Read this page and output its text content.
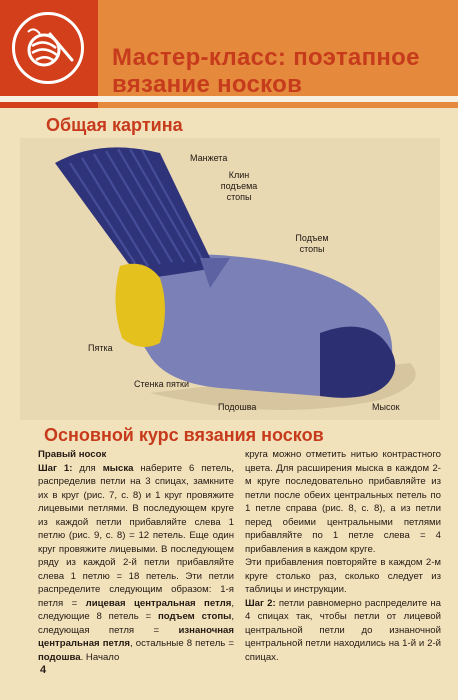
Мастер-класс: поэтапное вязание носков
Общая картина
Манжета
Клин подъема стопы
Подъем стопы
Пятка
Стенка пятки
Подошва	Мысок
Основной курс вязания носков

Правый носок

Шаг 1: для мыска наберите 6 петель, распределив петли на 3 спицах, замкните их в круг (рис. 7, с. 8) и 1 круг провяжите лицевыми петлями. В последующем круге из каждой петли прибавляйте слева 1 петлю (рис. 9, с. 8) = 12 петель. Еще один круг провяжите лицевыми. В последующем ряду из каждой 2-й петли прибавляйте слева 1 петлю = 18 петель. Эти петли распределите следующим образом: 1-я петля = лицевая центральная петля, следующие 8 петель = подъем стопы, следующая петля = изнаночная центральная петля, остальные 8 петель = подошва. Начало

круга можно отметить нитью контрастного цвета. Для расширения мыска в каждом 2-м круге последовательно прибавляйте из петли после обеих центральных петель по 1 петле справа (рис. 8, с. 8), а из петли перед обеими центральными петлями прибавляйте по 1 петле слева = 4 прибавления в каждом круге.

Эти прибавления повторяйте в каждом 2-м круге столько раз, сколько следует из таблицы и инструкции.

Шаг 2: петли равномерно распределите на 4 спицах так, чтобы петли от лицевой центральной петли до изнаночной центральной петли находились на 1-й и 2-й спицах.

4
